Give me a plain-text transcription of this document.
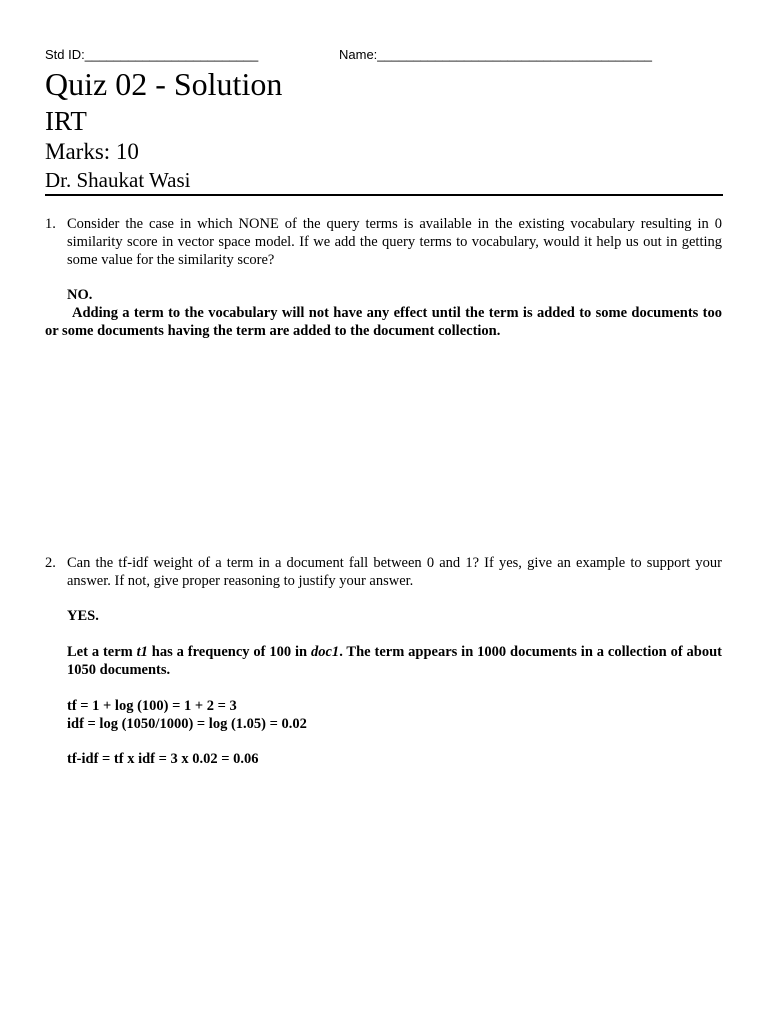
Std ID:________________________	Name:______________________________________
Quiz 02 - Solution
IRT
Marks: 10
Dr. Shaukat Wasi
1. Consider the case in which NONE of the query terms is available in the existing vocabulary resulting in 0 similarity score in vector space model. If we add the query terms to vocabulary, would it help us out in getting some value for the similarity score?
NO.
Adding a term to the vocabulary will not have any effect until the term is added to some documents too or some documents having the term are added to the document collection.
2. Can the tf-idf weight of a term in a document fall between 0 and 1? If yes, give an example to support your answer. If not, give proper reasoning to justify your answer.
YES.
Let a term t1 has a frequency of 100 in doc1. The term appears in 1000 documents in a collection of about 1050 documents.
tf = 1 + log (100) = 1 + 2 = 3
idf = log (1050/1000) = log (1.05) = 0.02
tf-idf = tf x idf = 3 x 0.02 = 0.06
